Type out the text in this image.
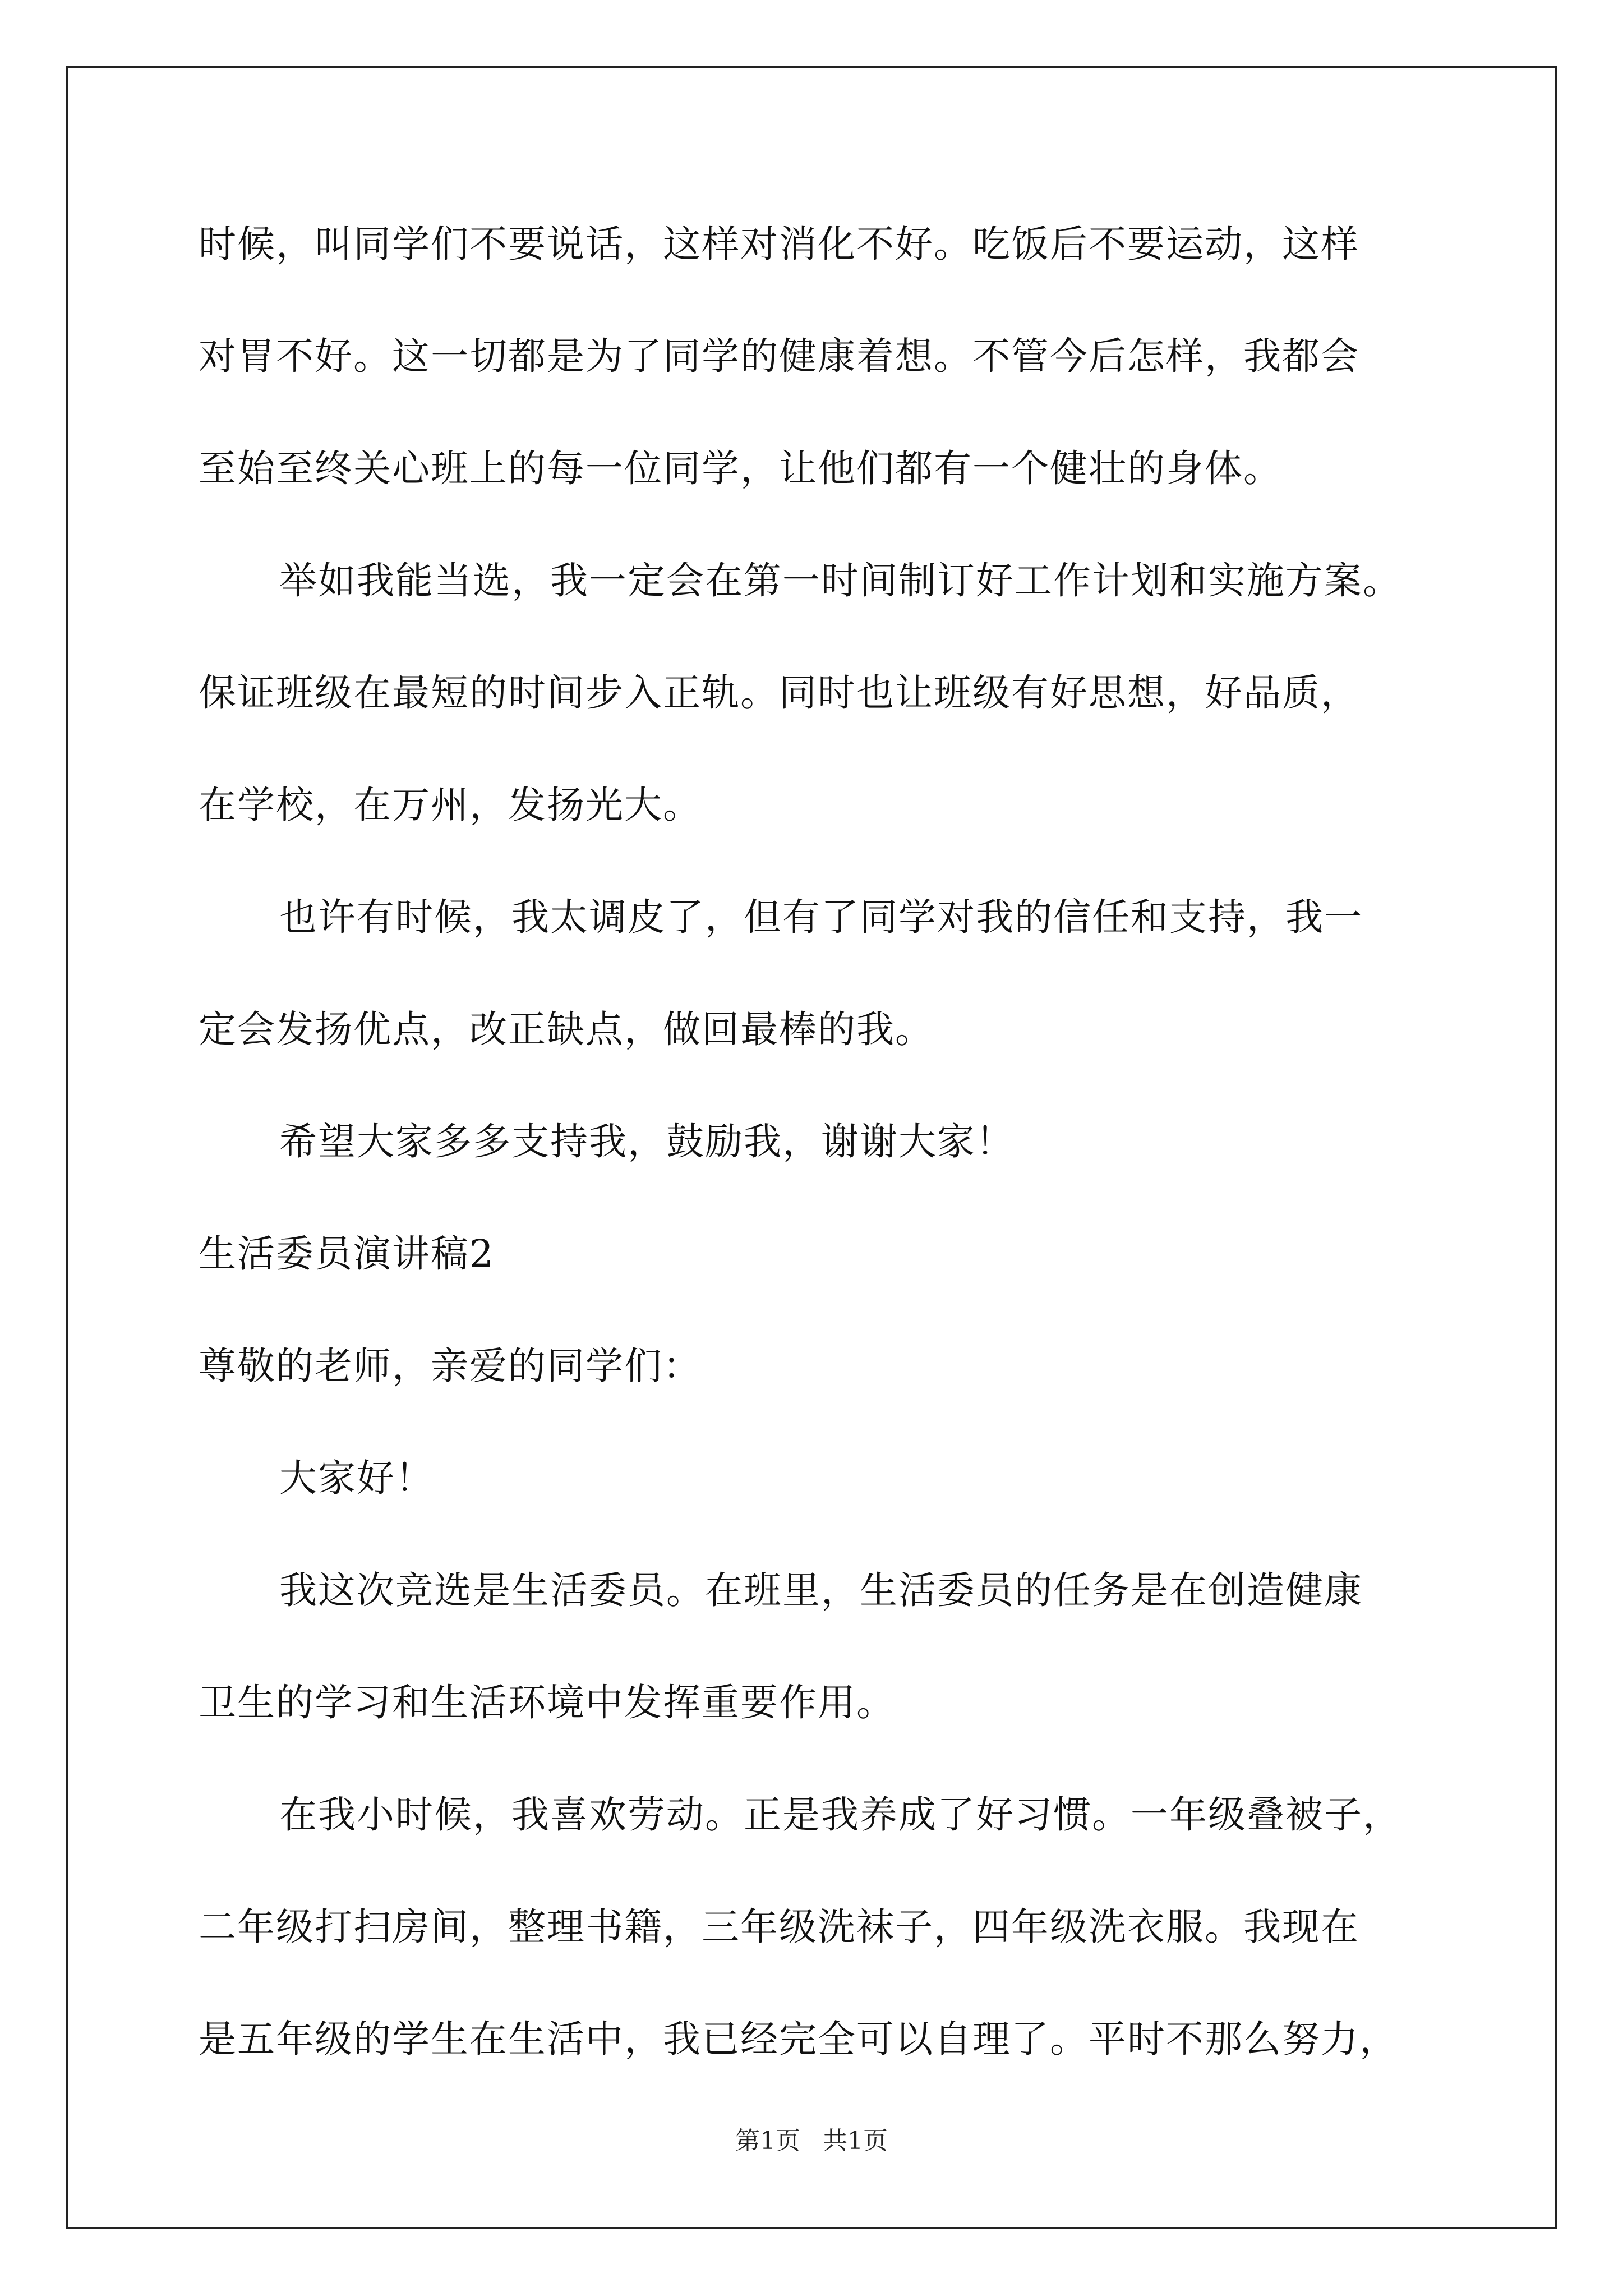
时候，叫同学们不要说话，这样对消化不好。吃饭后不要运动，这样
对胃不好。这一切都是为了同学的健康着想。不管今后怎样，我都会
至始至终关心班上的每一位同学，让他们都有一个健壮的身体。
举如我能当选，我一定会在第一时间制订好工作计划和实施方案。
保证班级在最短的时间步入正轨。同时也让班级有好思想，好品质，
在学校，在万州，发扬光大。
也许有时候，我太调皮了，但有了同学对我的信任和支持，我一
定会发扬优点，改正缺点，做回最棒的我。
希望大家多多支持我，鼓励我，谢谢大家！
生活委员演讲稿2
尊敬的老师，亲爱的同学们：
大家好！
我这次竞选是生活委员。在班里，生活委员的任务是在创造健康
卫生的学习和生活环境中发挥重要作用。
在我小时候，我喜欢劳动。正是我养成了好习惯。一年级叠被子，
二年级打扫房间，整理书籍，三年级洗袜子，四年级洗衣服。我现在
是五年级的学生在生活中，我已经完全可以自理了。平时不那么努力，
第1页 共1页
